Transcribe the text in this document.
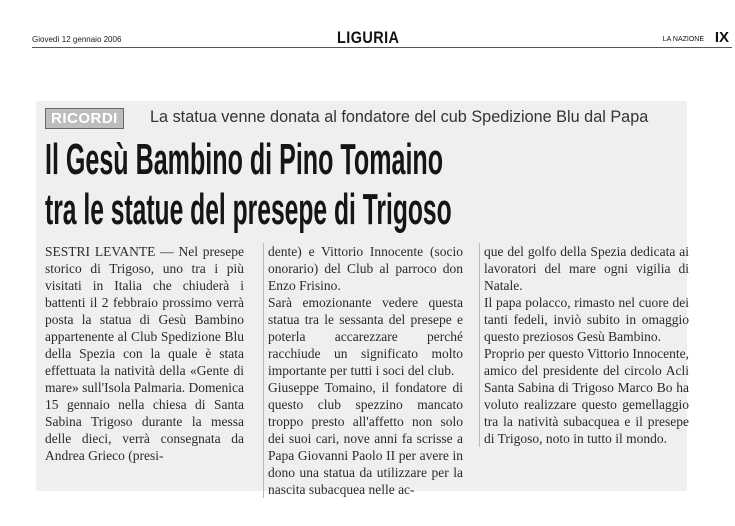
Giovedì 12 gennaio 2006	LIGURIA	LA NAZIONE IX
RICORDI	La statua venne donata al fondatore del cub Spedizione Blu dal Papa
Il Gesù Bambino di Pino Tomaino
tra le statue del presepe di Trigoso

SESTRI LEVANTE — Nel presepe storico di Trigoso, uno tra i più visitati in Italia che chiuderà i battenti il 2 febbraio prossimo verrà posta la statua di Gesù Bambino appartenente al Club Spedizione Blu della Spezia con la quale è stata effettuata la natività della «Gente di mare» sull'Isola Palmaria. Domenica 15 gennaio nella chiesa di Santa Sabina Trigoso durante la messa delle dieci, verrà consegnata da Andrea Grieco (presi-

dente) e Vittorio Innocente (socio onorario) del Club al parroco don Enzo Frisino.

Sarà emozionante vedere questa statua tra le sessanta del presepe e poterla accarezzare perché racchiude un significato molto importante per tutti i soci del club.

Giuseppe Tomaino, il fondatore di questo club spezzino mancato troppo presto all'affetto non solo dei suoi cari, nove anni fa scrisse a Papa Giovanni Paolo II per avere in dono una statua da utilizzare per la nascita subacquea nelle ac-

que del golfo della Spezia dedicata ai lavoratori del mare ogni vigilia di Natale.

Il papa polacco, rimasto nel cuore dei tanti fedeli, inviò subito in omaggio questo preziosos Gesù Bambino.

Proprio per questo Vittorio Innocente, amico del presidente del circolo Acli Santa Sabina di Trigoso Marco Bo ha voluto realizzare questo gemellaggio tra la natività subacquea e il presepe di Trigoso, noto in tutto il mondo.
